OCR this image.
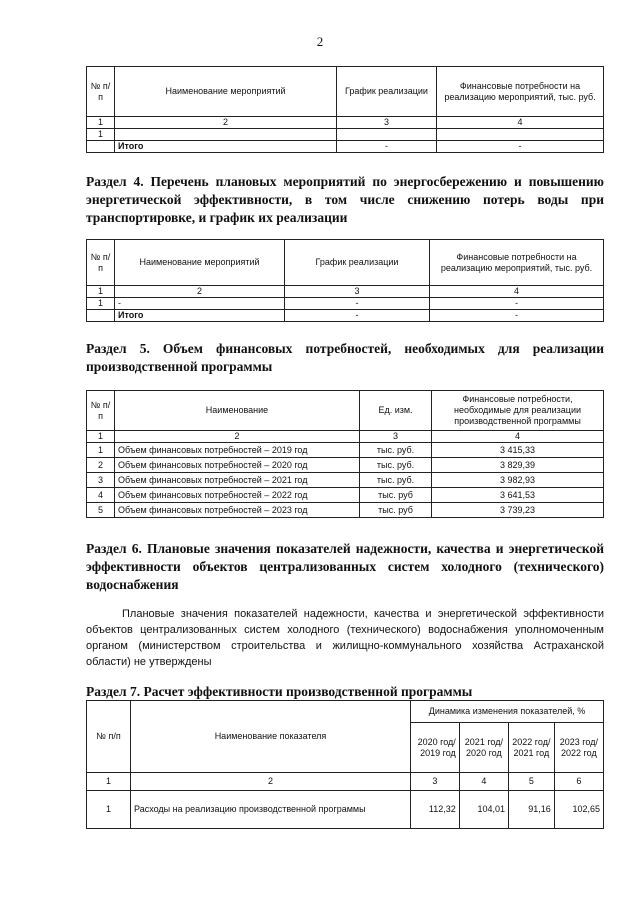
2
№ п/п	Наименование мероприятий	График реализации	Финансовые потребности на реализацию мероприятий, тыс. руб.
1	2	3	4
1			
	Итого	-	-
Раздел 4. Перечень плановых мероприятий по энергосбережению и повышению энергетической эффективности, в том числе снижению потерь воды при транспортировке, и график их реализации
№ п/п	Наименование мероприятий	График реализации	Финансовые потребности на реализацию мероприятий, тыс. руб.
1	2	3	4
1	-	-	-
	Итого	-	-
Раздел 5. Объем финансовых потребностей, необходимых для реализации производственной программы
№ п/п	Наименование	Ед. изм.	Финансовые потребности, необходимые для реализации производственной программы
1	2	3	4
1	Объем финансовых потребностей – 2019 год	тыс. руб.	3 415,33
2	Объем финансовых потребностей – 2020 год	тыс. руб.	3 829,39
3	Объем финансовых потребностей – 2021 год	тыс. руб.	3 982,93
4	Объем финансовых потребностей – 2022 год	тыс. руб	3 641,53
5	Объем финансовых потребностей – 2023 год	тыс. руб	3 739,23
Раздел 6. Плановые значения показателей надежности, качества и энергетической эффективности объектов централизованных систем холодного (технического) водоснабжения
Плановые значения показателей надежности, качества и энергетической эффективности объектов централизованных систем холодного (технического) водоснабжения уполномоченным органом (министерством строительства и жилищно-коммунального хозяйства Астраханской области) не утверждены
Раздел 7. Расчет эффективности производственной программы
№ п/п	Наименование показателя	Динамика изменения показателей, %			
		2020 год/ 2019 год	2021 год/ 2020 год	2022 год/ 2021 год	2023 год/ 2022 год
1	2	3	4	5	6
1	Расходы на реализацию производственной программы	112,32	104,01	91,16	102,65
